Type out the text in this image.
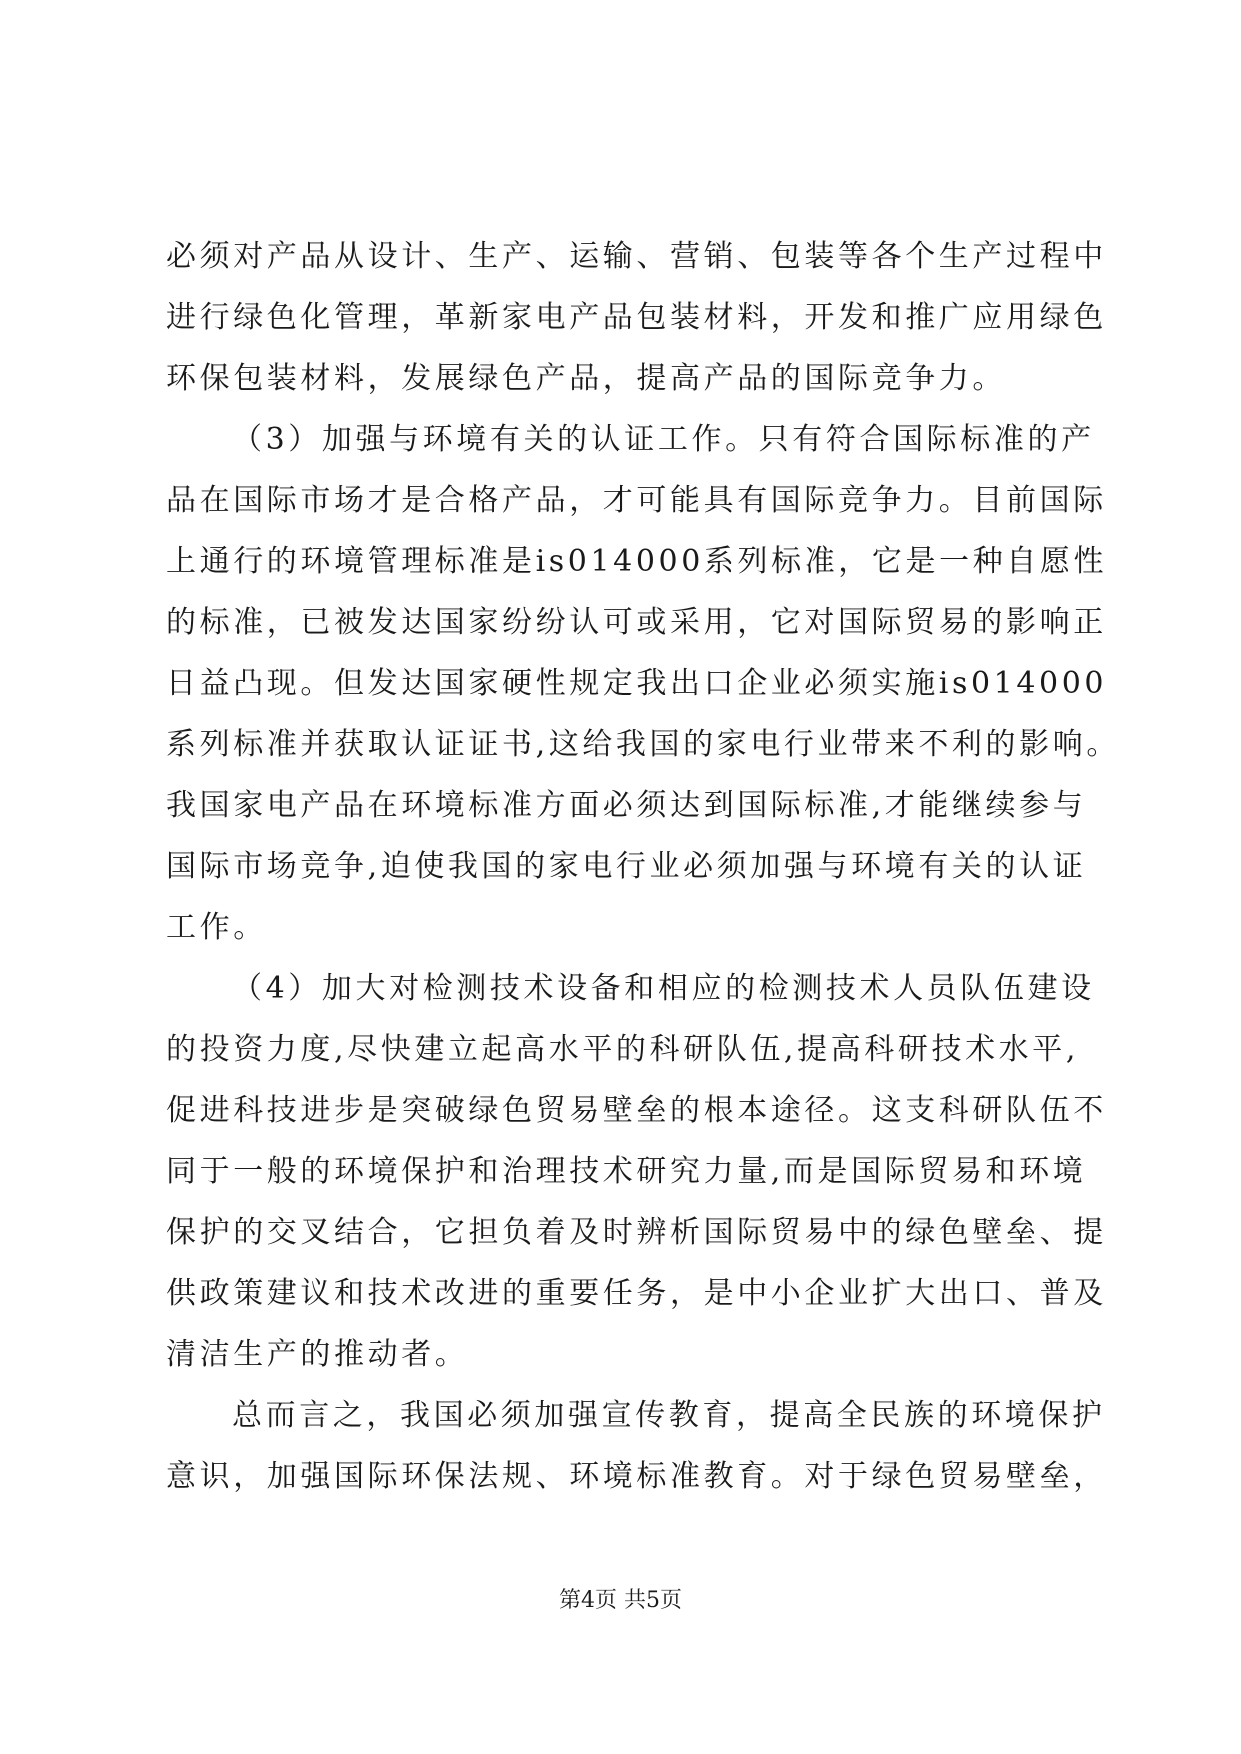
必须对产品从设计、生产、运输、营销、包装等各个生产过程中
进行绿色化管理，革新家电产品包装材料，开发和推广应用绿色
环保包装材料，发展绿色产品，提高产品的国际竞争力。
（3）加强与环境有关的认证工作。只有符合国际标准的产
品在国际市场才是合格产品，才可能具有国际竞争力。目前国际
上通行的环境管理标准是is014000系列标准，它是一种自愿性
的标准，已被发达国家纷纷认可或采用，它对国际贸易的影响正
日益凸现。但发达国家硬性规定我出口企业必须实施is014000
系列标准并获取认证证书,这给我国的家电行业带来不利的影响。
我国家电产品在环境标准方面必须达到国际标准,才能继续参与
国际市场竞争,迫使我国的家电行业必须加强与环境有关的认证
工作。
（4）加大对检测技术设备和相应的检测技术人员队伍建设
的投资力度,尽快建立起高水平的科研队伍,提高科研技术水平,
促进科技进步是突破绿色贸易壁垒的根本途径。这支科研队伍不
同于一般的环境保护和治理技术研究力量,而是国际贸易和环境
保护的交叉结合，它担负着及时辨析国际贸易中的绿色壁垒、提
供政策建议和技术改进的重要任务，是中小企业扩大出口、普及
清洁生产的推动者。
总而言之，我国必须加强宣传教育，提高全民族的环境保护
意识，加强国际环保法规、环境标准教育。对于绿色贸易壁垒，
第4页 共5页
